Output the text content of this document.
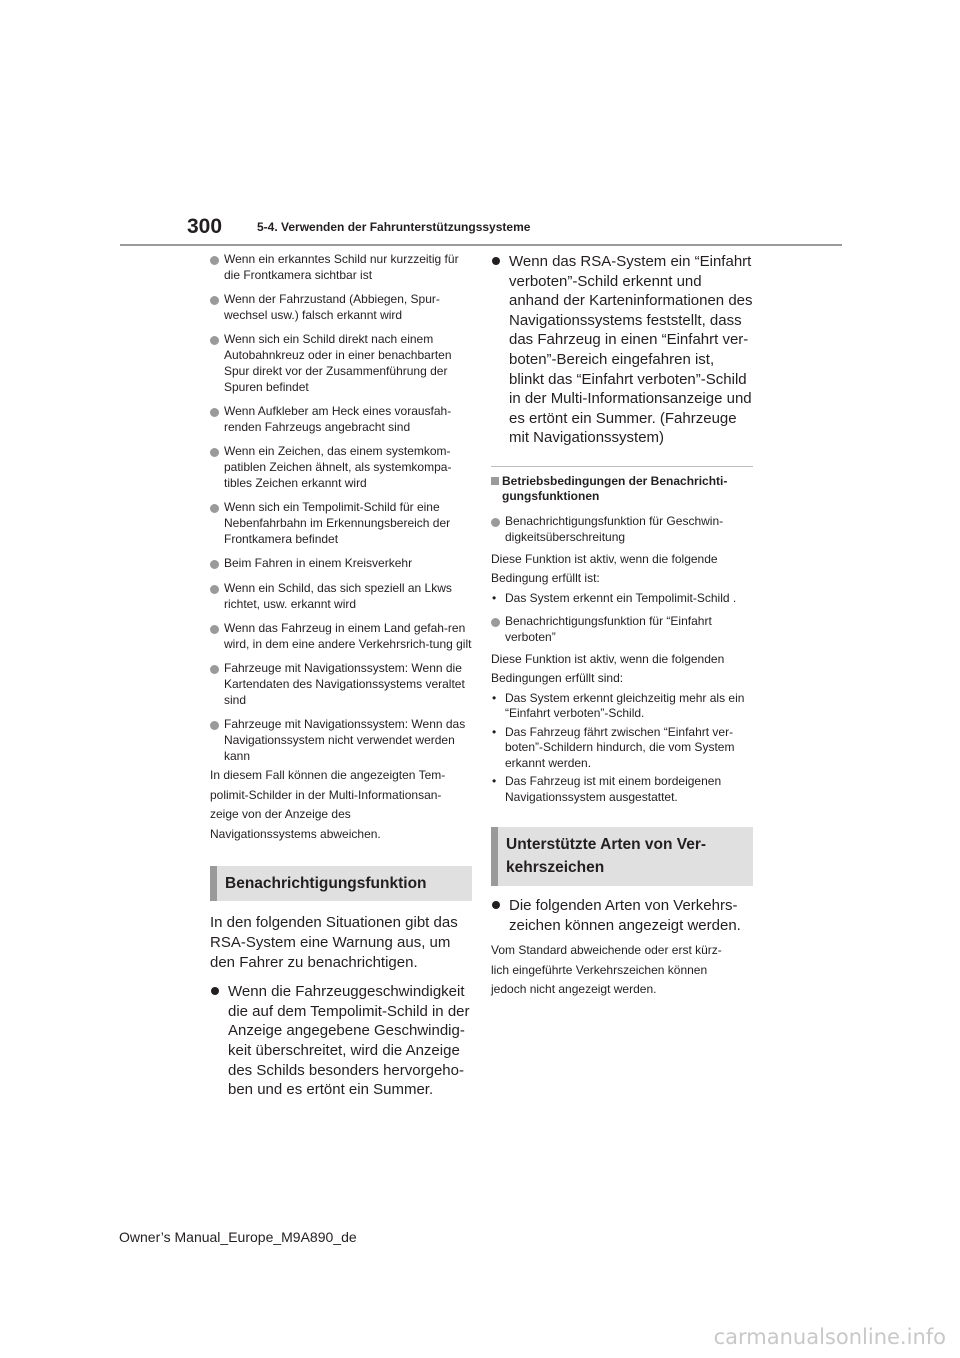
300	5-4. Verwenden der Fahrunterstützungssysteme
Wenn ein erkanntes Schild nur kurzzeitig für die Frontkamera sichtbar ist
Wenn der Fahrzustand (Abbiegen, Spur-wechsel usw.) falsch erkannt wird
Wenn sich ein Schild direkt nach einem Autobahnkreuz oder in einer benachbarten Spur direkt vor der Zusammenführung der Spuren befindet
Wenn Aufkleber am Heck eines vorausfah-renden Fahrzeugs angebracht sind
Wenn ein Zeichen, das einem systemkom-patiblen Zeichen ähnelt, als systemkompa-tibles Zeichen erkannt wird
Wenn sich ein Tempolimit-Schild für eine Nebenfahrbahn im Erkennungsbereich der Frontkamera befindet
Beim Fahren in einem Kreisverkehr
Wenn ein Schild, das sich speziell an Lkws richtet, usw. erkannt wird
Wenn das Fahrzeug in einem Land gefah-ren wird, in dem eine andere Verkehrsrich-tung gilt
Fahrzeuge mit Navigationssystem: Wenn die Kartendaten des Navigationssystems veraltet sind
Fahrzeuge mit Navigationssystem: Wenn das Navigationssystem nicht verwendet werden kann
In diesem Fall können die angezeigten Tem-
polimit-Schilder in der Multi-Informationsan-
zeige von der Anzeige des
Navigationssystems abweichen.
Benachrichtigungsfunktion
In den folgenden Situationen gibt das RSA-System eine Warnung aus, um den Fahrer zu benachrichtigen.
Wenn die Fahrzeuggeschwindigkeit die auf dem Tempolimit-Schild in der Anzeige angegebene Geschwindig-keit überschreitet, wird die Anzeige des Schilds besonders hervorgeho-ben und es ertönt ein Summer.
Wenn das RSA-System ein “Einfahrt verboten”-Schild erkennt und anhand der Karteninformationen des Navigationssystems feststellt, dass das Fahrzeug in einen “Einfahrt ver-boten”-Bereich eingefahren ist, blinkt das “Einfahrt verboten”-Schild in der Multi-Informationsanzeige und es ertönt ein Summer. (Fahrzeuge mit Navigationssystem)
Betriebsbedingungen der Benachrichti-gungsfunktionen
Benachrichtigungsfunktion für Geschwin-digkeitsüberschreitung
Diese Funktion ist aktiv, wenn die folgende
Bedingung erfüllt ist:
• Das System erkennt ein Tempolimit-Schild .
Benachrichtigungsfunktion für “Einfahrt verboten”
Diese Funktion ist aktiv, wenn die folgenden
Bedingungen erfüllt sind:
• Das System erkennt gleichzeitig mehr als ein “Einfahrt verboten”-Schild.
• Das Fahrzeug fährt zwischen “Einfahrt ver-boten”-Schildern hindurch, die vom System erkannt werden.
• Das Fahrzeug ist mit einem bordeigenen Navigationssystem ausgestattet.
Unterstützte Arten von Ver-kehrszeichen
Die folgenden Arten von Verkehrs-zeichen können angezeigt werden.
Vom Standard abweichende oder erst kürz-
lich eingeführte Verkehrszeichen können
jedoch nicht angezeigt werden.
Owner’s Manual_Europe_M9A890_de
carmanualsonline.info
